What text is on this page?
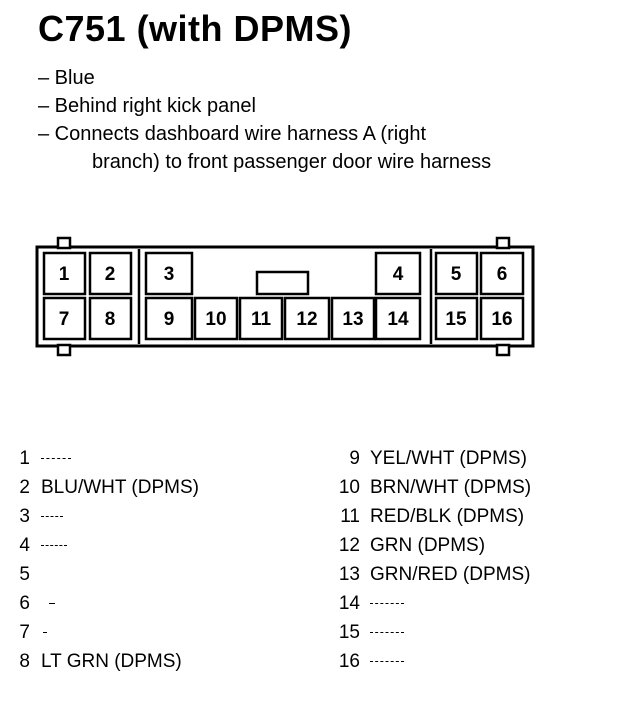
C751 (with DPMS)
– Blue
– Behind right kick panel
– Connects dashboard wire harness A (right
branch) to front passenger door wire harness
1 2	3	4 5 6
7 8	9 10 11 12 13 14 15 16
1
2 BLU/WHT (DPMS)
3
4
5
6
7
8 LT GRN (DPMS)
9 YEL/WHT (DPMS)
10 BRN/WHT (DPMS)
11 RED/BLK (DPMS)
12 GRN (DPMS)
13 GRN/RED (DPMS)
14
15
16
